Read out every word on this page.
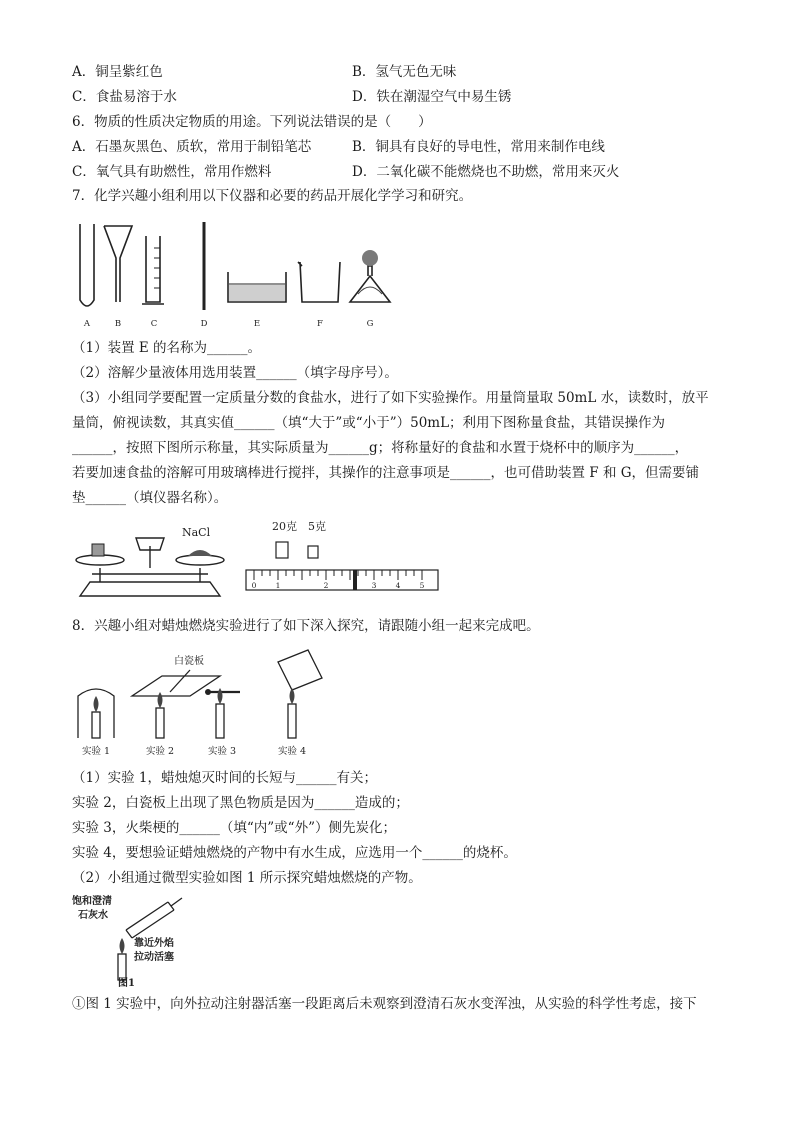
A．铜呈紫红色	B．氢气无色无味
C．食盐易溶于水	D．铁在潮湿空气中易生锈
6．物质的性质决定物质的用途。下列说法错误的是（　　）
A．石墨灰黑色、质软，常用于制铅笔芯	B．铜具有良好的导电性，常用来制作电线
C．氧气具有助燃性，常用作燃料	D．二氧化碳不能燃烧也不助燃，常用来灭火
7．化学兴趣小组利用以下仪器和必要的药品开展化学学习和研究。
A	B	C	D	E	F	G
（1）装置 E 的名称为______。
（2）溶解少量液体用选用装置______（填字母序号）。
（3）小组同学要配置一定质量分数的食盐水，进行了如下实验操作。用量筒量取 50mL 水，读数时，放平
量筒，俯视读数，其真实值______（填“大于”或“小于”）50mL；利用下图称量食盐，其错误操作为
______，按照下图所示称量，其实际质量为______g；将称量好的食盐和水置于烧杯中的顺序为______，
若要加速食盐的溶解可用玻璃棒进行搅拌，其操作的注意事项是______，也可借助装置 F 和 G，但需要铺
垫______（填仪器名称）。
NaCl	20克　5克
0	1	2	3	4	5
8．兴趣小组对蜡烛燃烧实验进行了如下深入探究，请跟随小组一起来完成吧。
白瓷板
实验 1	实验 2	实验 3	实验 4
（1）实验 1，蜡烛熄灭时间的长短与______有关；
实验 2，白瓷板上出现了黑色物质是因为______造成的；
实验 3，火柴梗的______（填“内”或“外”）侧先炭化；
实验 4，要想验证蜡烛燃烧的产物中有水生成，应选用一个______的烧杯。
（2）小组通过微型实验如图 1 所示探究蜡烛燃烧的产物。
饱和澄清
石灰水
靠近外焰
拉动活塞
图1
①图 1 实验中，向外拉动注射器活塞一段距离后未观察到澄清石灰水变浑浊，从实验的科学性考虑，接下
